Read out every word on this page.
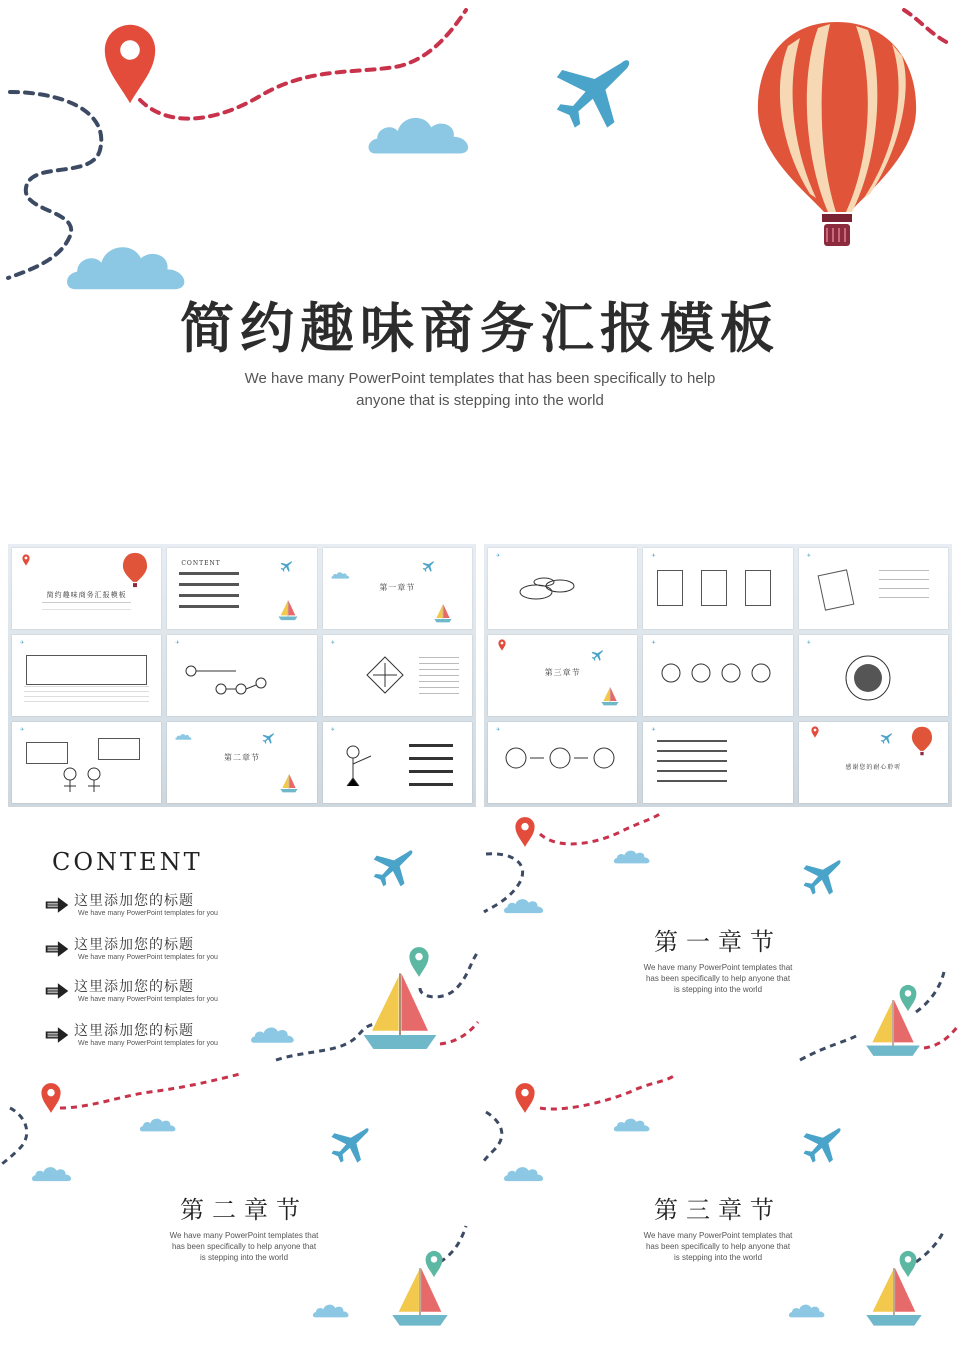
简约趣味商务汇报模板
We have many PowerPoint templates that has been specifically to help
anyone that is stepping into the world
简约趣味商务汇报模板
CONTENT
第一章节
✈
✈
✈
✈
第二章节
✈
✈
✈
✈
第三章节
✈
✈
✈
✈
感谢您的耐心聆听
CONTENT
这里添加您的标题
We have many PowerPoint templates for you
这里添加您的标题
We have many PowerPoint templates for you
这里添加您的标题
We have many PowerPoint templates for you
这里添加您的标题
We have many PowerPoint templates for you
第一章节
We have many PowerPoint templates that
has been specifically to help anyone that
is stepping into the world
第二章节
We have many PowerPoint templates that
has been specifically to help anyone that
is stepping into the world
第三章节
We have many PowerPoint templates that
has been specifically to help anyone that
is stepping into the world
